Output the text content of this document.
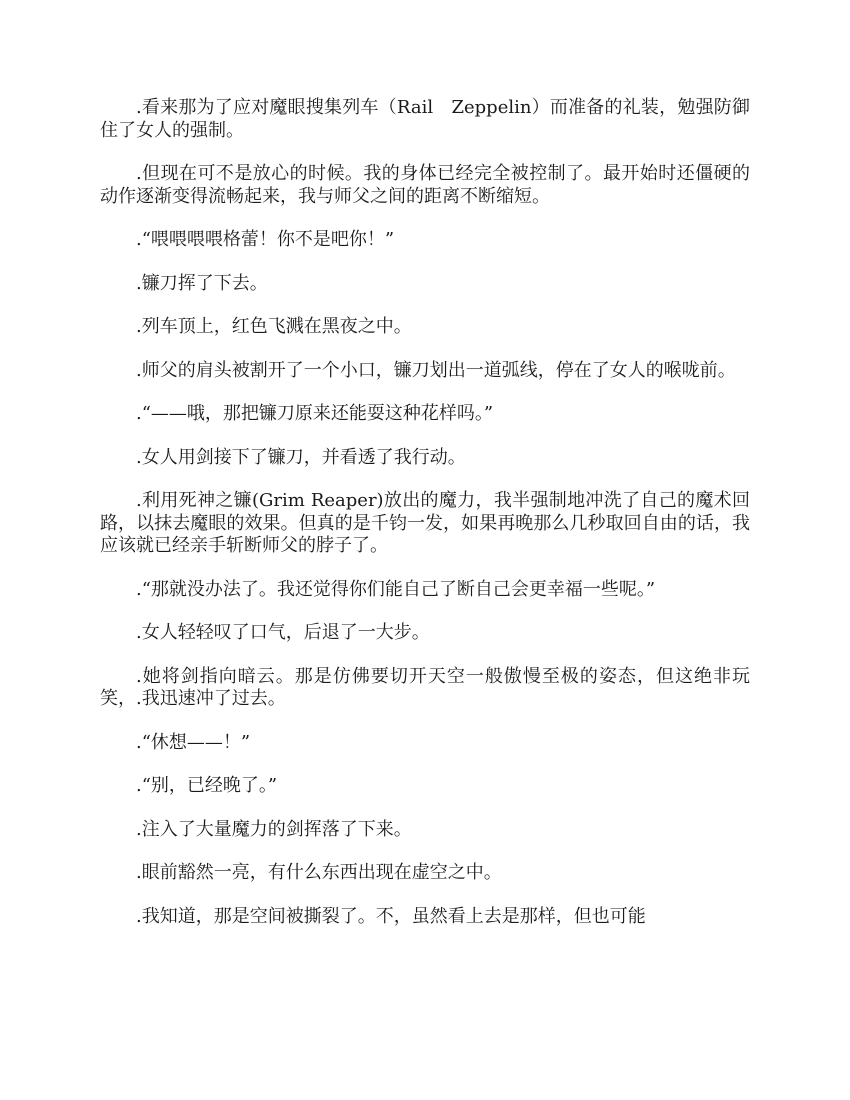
.看来那为了应对魔眼搜集列车（Rail　Zeppelin）而准备的礼装，勉强防御住了女人的强制。

.但现在可不是放心的时候。我的身体已经完全被控制了。最开始时还僵硬的动作逐渐变得流畅起来，我与师父之间的距离不断缩短。

.“喂喂喂喂格蕾！你不是吧你！”

.镰刀挥了下去。

.列车顶上，红色飞溅在黑夜之中。

.师父的肩头被割开了一个小口，镰刀划出一道弧线，停在了女人的喉咙前。

.“——哦，那把镰刀原来还能耍这种花样吗。”

.女人用剑接下了镰刀，并看透了我行动。

.利用死神之镰(Grim Reaper)放出的魔力，我半强制地冲洗了自己的魔术回路，以抹去魔眼的效果。但真的是千钧一发，如果再晚那么几秒取回自由的话，我应该就已经亲手斩断师父的脖子了。

.“那就没办法了。我还觉得你们能自己了断自己会更幸福一些呢。”

.女人轻轻叹了口气，后退了一大步。

.她将剑指向暗云。那是仿佛要切开天空一般傲慢至极的姿态，但这绝非玩笑，.我迅速冲了过去。

.“休想——！”

.“别，已经晚了。”

.注入了大量魔力的剑挥落了下来。

.眼前豁然一亮，有什么东西出现在虚空之中。

.我知道，那是空间被撕裂了。不，虽然看上去是那样，但也可能
